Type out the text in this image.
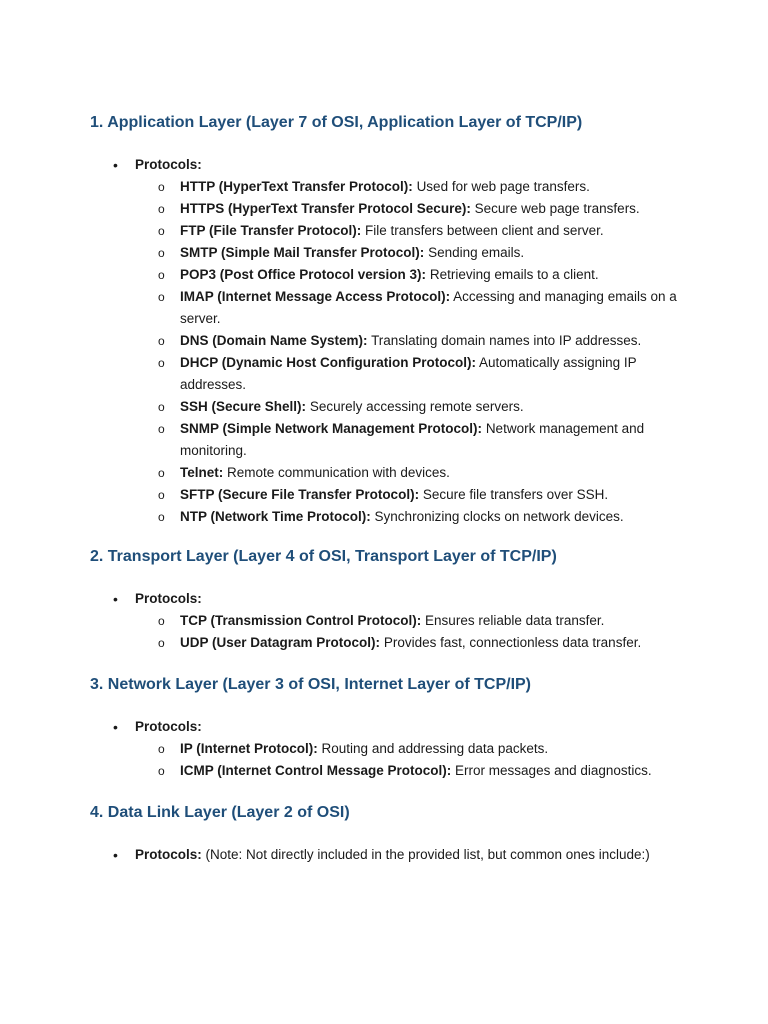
1. Application Layer (Layer 7 of OSI, Application Layer of TCP/IP)
• Protocols:
o HTTP (HyperText Transfer Protocol): Used for web page transfers.
o HTTPS (HyperText Transfer Protocol Secure): Secure web page transfers.
o FTP (File Transfer Protocol): File transfers between client and server.
o SMTP (Simple Mail Transfer Protocol): Sending emails.
o POP3 (Post Office Protocol version 3): Retrieving emails to a client.
o IMAP (Internet Message Access Protocol): Accessing and managing emails on a server.
o DNS (Domain Name System): Translating domain names into IP addresses.
o DHCP (Dynamic Host Configuration Protocol): Automatically assigning IP addresses.
o SSH (Secure Shell): Securely accessing remote servers.
o SNMP (Simple Network Management Protocol): Network management and monitoring.
o Telnet: Remote communication with devices.
o SFTP (Secure File Transfer Protocol): Secure file transfers over SSH.
o NTP (Network Time Protocol): Synchronizing clocks on network devices.
2. Transport Layer (Layer 4 of OSI, Transport Layer of TCP/IP)
• Protocols:
o TCP (Transmission Control Protocol): Ensures reliable data transfer.
o UDP (User Datagram Protocol): Provides fast, connectionless data transfer.
3. Network Layer (Layer 3 of OSI, Internet Layer of TCP/IP)
• Protocols:
o IP (Internet Protocol): Routing and addressing data packets.
o ICMP (Internet Control Message Protocol): Error messages and diagnostics.
4. Data Link Layer (Layer 2 of OSI)
• Protocols: (Note: Not directly included in the provided list, but common ones include:)
